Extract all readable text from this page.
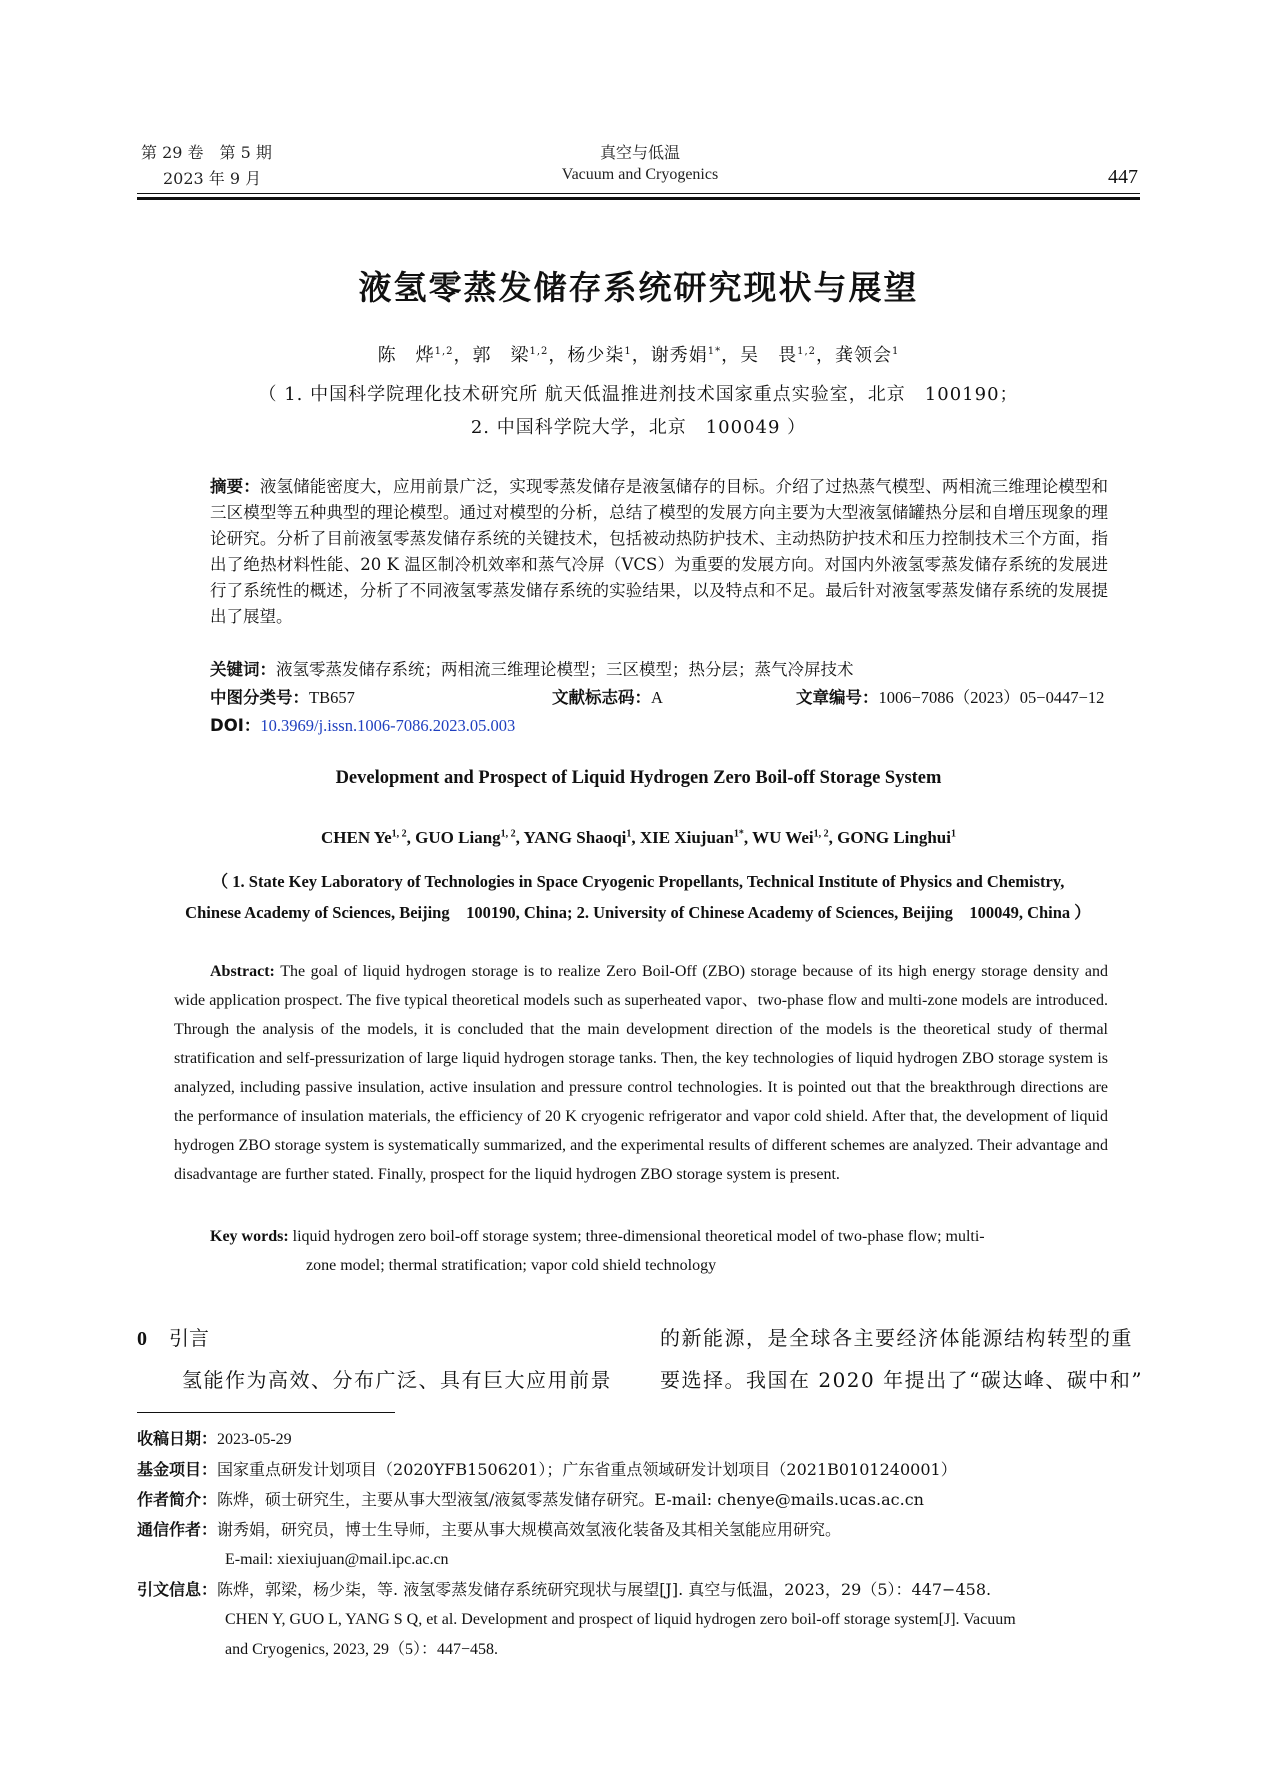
第 29 卷　第 5 期
2023 年 9 月
真空与低温
Vacuum and Cryogenics	447
液氢零蒸发储存系统研究现状与展望
陈　烨$^{1,2}$，郭　梁$^{1,2}$，杨少柒$^1$，谢秀娟$^{1*}$，吴　畏$^{1,2}$，龚领会$^1$
（ 1. 中国科学院理化技术研究所 航天低温推进剂技术国家重点实验室，北京　100190；
2. 中国科学院大学，北京　100049 ）
摘要：液氢储能密度大，应用前景广泛，实现零蒸发储存是液氢储存的目标。介绍了过热蒸气模型、两相流三维理论模型和三区模型等五种典型的理论模型。通过对模型的分析，总结了模型的发展方向主要为大型液氢储罐热分层和自增压现象的理论研究。分析了目前液氢零蒸发储存系统的关键技术，包括被动热防护技术、主动热防护技术和压力控制技术三个方面，指出了绝热材料性能、20 K 温区制冷机效率和蒸气冷屏（VCS）为重要的发展方向。对国内外液氢零蒸发储存系统的发展进行了系统性的概述，分析了不同液氢零蒸发储存系统的实验结果，以及特点和不足。最后针对液氢零蒸发储存系统的发展提出了展望。
关键词：液氢零蒸发储存系统；两相流三维理论模型；三区模型；热分层；蒸气冷屏技术
中图分类号：TB657	文献标志码：A	文章编号：1006−7086（2023）05−0447−12
DOI：10.3969/j.issn.1006-7086.2023.05.003
Development and Prospect of Liquid Hydrogen Zero Boil-off Storage System
CHEN Ye$^{1, 2}$, GUO Liang$^{1, 2}$, YANG Shaoqi$^1$, XIE Xiujuan$^{1*}$, WU Wei$^{1, 2}$, GONG Linghui$^1$
（ 1. State Key Laboratory of Technologies in Space Cryogenic Propellants, Technical Institute of Physics and Chemistry,
Chinese Academy of Sciences, Beijing　100190, China; 2. University of Chinese Academy of Sciences, Beijing　100049, China ）
Abstract: The goal of liquid hydrogen storage is to realize Zero Boil-Off (ZBO) storage because of its high energy storage density and wide application prospect. The five typical theoretical models such as superheated vapor、two-phase flow and multi-zone models are introduced. Through the analysis of the models, it is concluded that the main development direction of the models is the theoretical study of thermal stratification and self-pressurization of large liquid hydrogen storage tanks. Then, the key technologies of liquid hydrogen ZBO storage system is analyzed, including passive insulation, active insulation and pressure control technologies. It is pointed out that the breakthrough directions are the performance of insulation materials, the efficiency of 20 K cryogenic refrigerator and vapor cold shield. After that, the development of liquid hydrogen ZBO storage system is systematically summarized, and the experimental results of different schemes are analyzed. Their advantage and disadvantage are further stated. Finally, prospect for the liquid hydrogen ZBO storage system is present.
Key words: liquid hydrogen zero boil-off storage system; three-dimensional theoretical model of two-phase flow; multi-
zone model; thermal stratification; vapor cold shield technology
0 引言
氢能作为高效、分布广泛、具有巨大应用前景
的新能源，是全球各主要经济体能源结构转型的重
要选择。我国在 2020 年提出了“碳达峰、碳中和”
收稿日期：2023-05-29
基金项目：国家重点研发计划项目（2020YFB1506201）；广东省重点领域研发计划项目（2021B0101240001）
作者简介：陈烨，硕士研究生，主要从事大型液氢/液氦零蒸发储存研究。E-mail: chenye@mails.ucas.ac.cn
通信作者：谢秀娟，研究员，博士生导师，主要从事大规模高效氢液化装备及其相关氢能应用研究。
E-mail: xiexiujuan@mail.ipc.ac.cn
引文信息：陈烨，郭梁，杨少柒，等. 液氢零蒸发储存系统研究现状与展望[J]. 真空与低温，2023，29（5）：447−458.
CHEN Y, GUO L, YANG S Q, et al. Development and prospect of liquid hydrogen zero boil-off storage system[J]. Vacuum
and Cryogenics, 2023, 29（5）：447−458.
